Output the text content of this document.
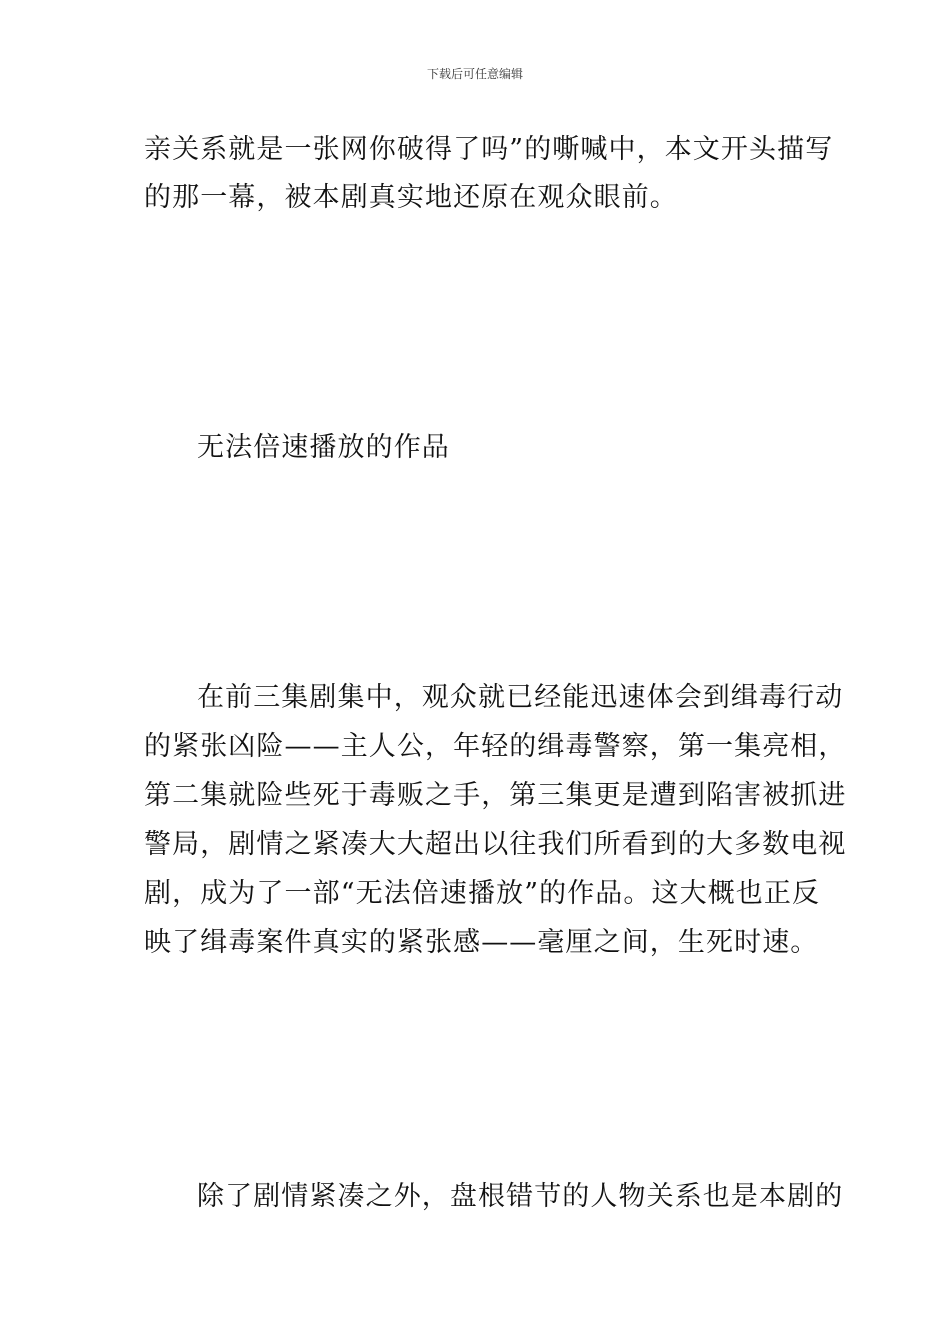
下载后可任意编辑
亲关系就是一张网你破得了吗”的嘶喊中，本文开头描写
的那一幕，被本剧真实地还原在观众眼前。
无法倍速播放的作品
在前三集剧集中，观众就已经能迅速体会到缉毒行动
的紧张凶险——主人公，年轻的缉毒警察，第一集亮相，
第二集就险些死于毒贩之手，第三集更是遭到陷害被抓进
警局，剧情之紧凑大大超出以往我们所看到的大多数电视
剧，成为了一部“无法倍速播放”的作品。这大概也正反
映了缉毒案件真实的紧张感——毫厘之间，生死时速。
除了剧情紧凑之外，盘根错节的人物关系也是本剧的
